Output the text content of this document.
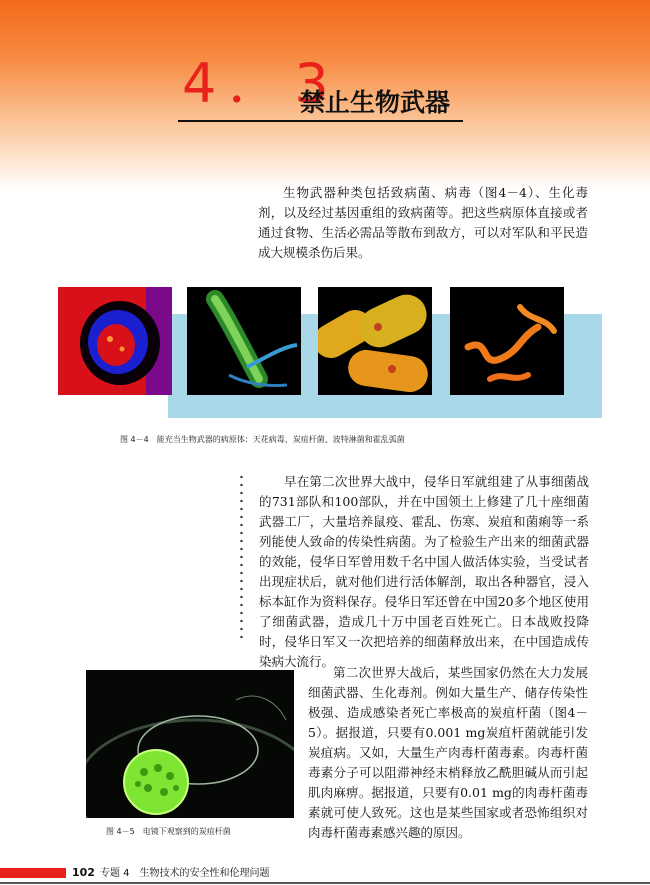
4．3
禁止生物武器

生物武器种类包括致病菌、病毒（图4－4）、生化毒剂，以及经过基因重组的致病菌等。把这些病原体直接或者通过食物、生活必需品等散布到敌方，可以对军队和平民造成大规模杀伤后果。

图 4－4　能充当生物武器的病原体：天花病毒、炭疽杆菌、波特淋菌和霍乱弧菌

早在第二次世界大战中，侵华日军就组建了从事细菌战的731部队和100部队，并在中国领土上修建了几十座细菌武器工厂，大量培养鼠疫、霍乱、伤寒、炭疽和菌痢等一系列能使人致命的传染性病菌。为了检验生产出来的细菌武器的效能，侵华日军曾用数千名中国人做活体实验，当受试者出现症状后，就对他们进行活体解剖，取出各种器官，浸入标本缸作为资料保存。侵华日军还曾在中国20多个地区使用了细菌武器，造成几十万中国老百姓死亡。日本战败投降时，侵华日军又一次把培养的细菌释放出来，在中国造成传染病大流行。

图 4－5　电镜下观察到的炭疽杆菌

第二次世界大战后，某些国家仍然在大力发展细菌武器、生化毒剂。例如大量生产、储存传染性极强、造成感染者死亡率极高的炭疽杆菌（图4－5）。据报道，只要有0.001 mg炭疽杆菌就能引发炭疽病。又如，大量生产肉毒杆菌毒素。肉毒杆菌毒素分子可以阻滞神经末梢释放乙酰胆碱从而引起肌肉麻痹。据报道，只要有0.01 mg的肉毒杆菌毒素就可使人致死。这也是某些国家或者恐怖组织对肉毒杆菌毒素感兴趣的原因。

102 专题 4　生物技术的安全性和伦理问题
